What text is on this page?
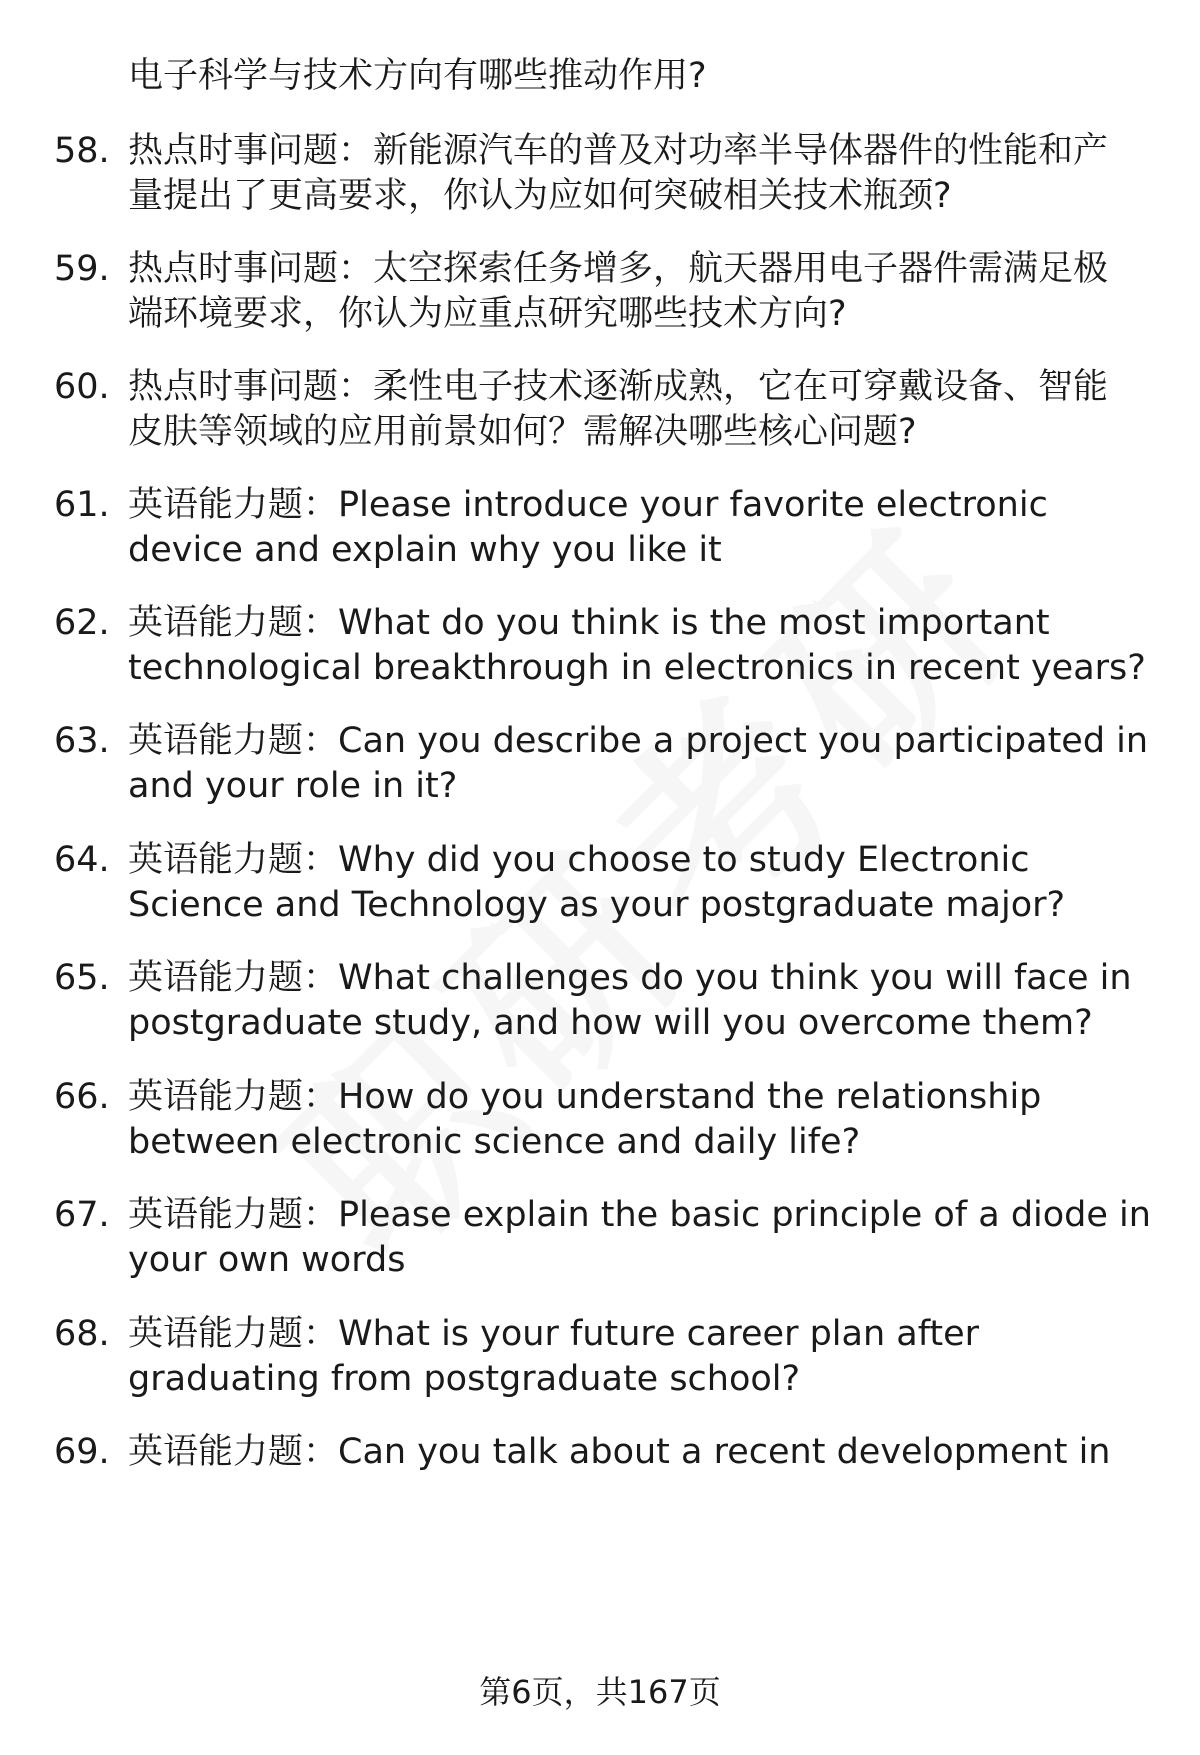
电子科学与技术方向有哪些推动作用?
58. 热点时事问题：新能源汽车的普及对功率半导体器件的性能和产
量提出了更高要求，你认为应如何突破相关技术瓶颈?
59. 热点时事问题：太空探索任务增多，航天器用电子器件需满足极
端环境要求，你认为应重点研究哪些技术方向?
60. 热点时事问题：柔性电子技术逐渐成熟，它在可穿戴设备、智能
皮肤等领域的应用前景如何？需解决哪些核心问题?
61. 英语能力题：Please introduce your favorite electronic
device and explain why you like it
62. 英语能力题：What do you think is the most important
technological breakthrough in electronics in recent years?
63. 英语能力题：Can you describe a project you participated in
and your role in it?
64. 英语能力题：Why did you choose to study Electronic
Science and Technology as your postgraduate major?
65. 英语能力题：What challenges do you think you will face in
postgraduate study, and how will you overcome them?
66. 英语能力题：How do you understand the relationship
between electronic science and daily life?
67. 英语能力题：Please explain the basic principle of a diode in
your own words
68. 英语能力题：What is your future career plan after
graduating from postgraduate school?
69. 英语能力题：Can you talk about a recent development in
第6页，共167页
